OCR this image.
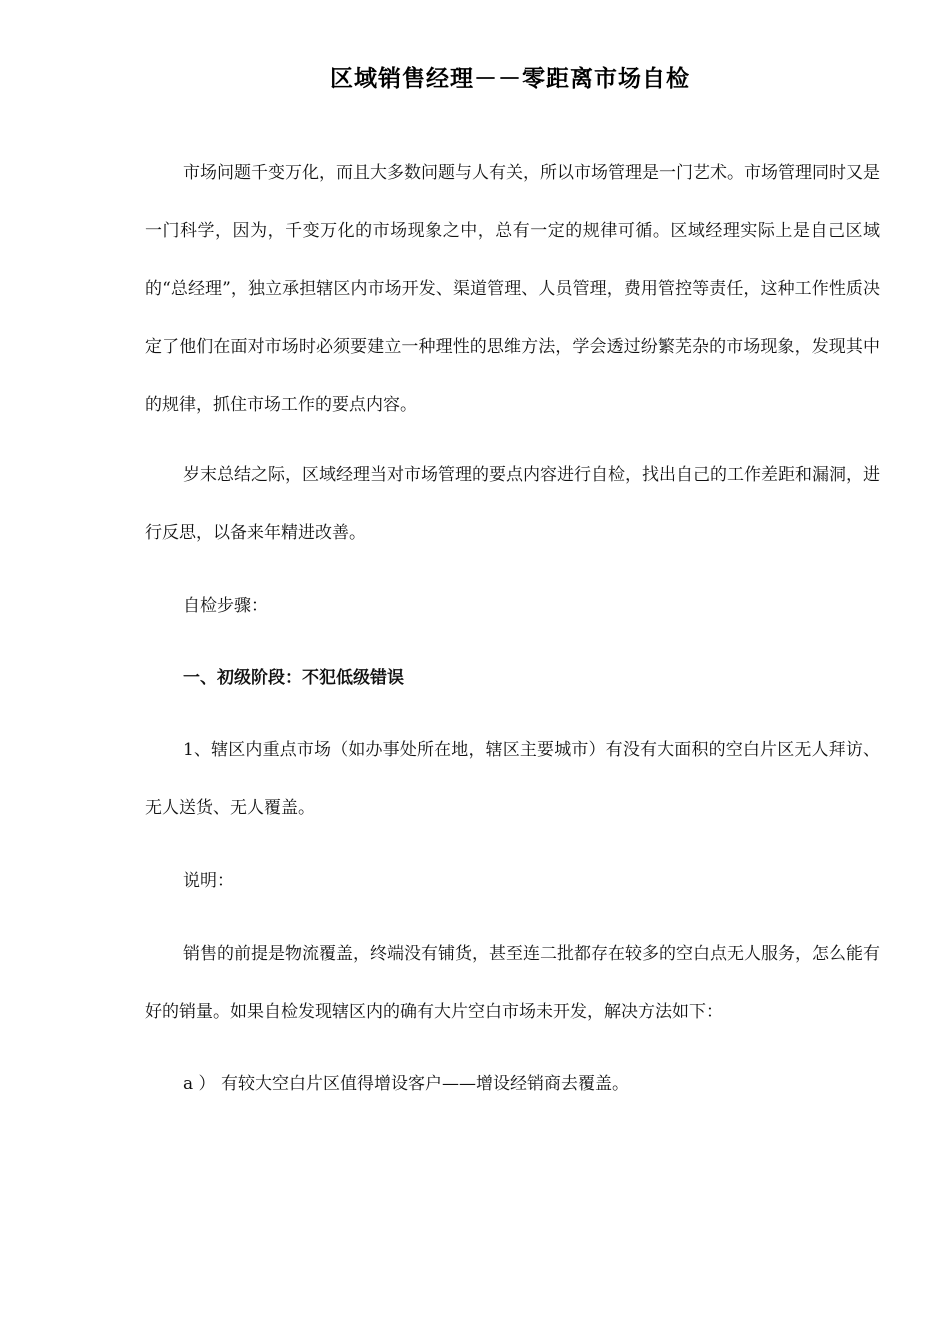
区域销售经理－－零距离市场自检

市场问题千变万化，而且大多数问题与人有关，所以市场管理是一门艺术。市场管理同时又是一门科学，因为，千变万化的市场现象之中，总有一定的规律可循。区域经理实际上是自己区域的“总经理”，独立承担辖区内市场开发、渠道管理、人员管理，费用管控等责任，这种工作性质决定了他们在面对市场时必须要建立一种理性的思维方法，学会透过纷繁芜杂的市场现象，发现其中的规律，抓住市场工作的要点内容。

岁末总结之际，区域经理当对市场管理的要点内容进行自检，找出自己的工作差距和漏洞，进行反思，以备来年精进改善。

自检步骤：

一、初级阶段：不犯低级错误

1、辖区内重点市场（如办事处所在地，辖区主要城市）有没有大面积的空白片区无人拜访、无人送货、无人覆盖。

说明：

销售的前提是物流覆盖，终端没有铺货，甚至连二批都存在较多的空白点无人服务，怎么能有好的销量。如果自检发现辖区内的确有大片空白市场未开发，解决方法如下：

a ） 有较大空白片区值得增设客户——增设经销商去覆盖。
